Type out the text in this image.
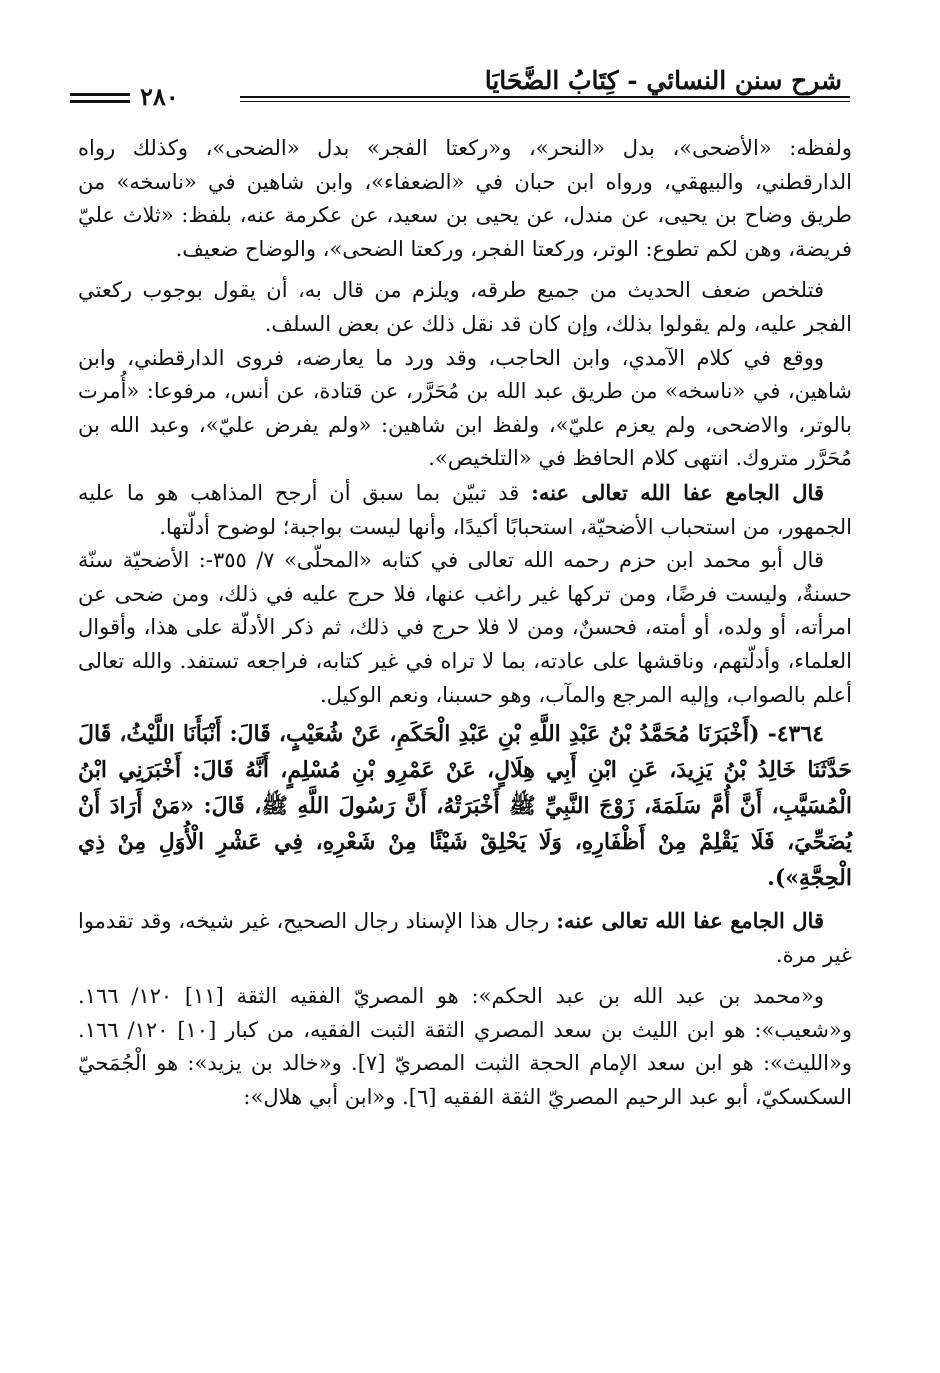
شرح سنن النسائي - كِتَابُ الضَّحَايَا
٢٨٠

ولفظه: «الأضحى»، بدل «النحر»، و«ركعتا الفجر» بدل «الضحى»، وكذلك رواه الدارقطني، والبيهقي، ورواه ابن حبان في «الضعفاء»، وابن شاهين في «ناسخه» من طريق وضاح بن يحيى، عن مندل، عن يحيى بن سعيد، عن عكرمة عنه، بلفظ: «ثلاث عليّ فريضة، وهن لكم تطوع: الوتر، وركعتا الفجر، وركعتا الضحى»، والوضاح ضعيف.

فتلخص ضعف الحديث من جميع طرقه، ويلزم من قال به، أن يقول بوجوب ركعتي الفجر عليه، ولم يقولوا بذلك، وإن كان قد نقل ذلك عن بعض السلف.

ووقع في كلام الآمدي، وابن الحاجب، وقد ورد ما يعارضه، فروى الدارقطني، وابن شاهين، في «ناسخه» من طريق عبد الله بن مُحَرَّر، عن قتادة، عن أنس، مرفوعا: «أُمرت بالوتر، والاضحى، ولم يعزم عليّ»، ولفظ ابن شاهين: «ولم يفرض عليّ»، وعبد الله بن مُحَرَّر متروك. انتهى كلام الحافظ في «التلخيص».

قال الجامع عفا الله تعالى عنه: قد تبيّن بما سبق أن أرجح المذاهب هو ما عليه الجمهور، من استحباب الأضحيّة، استحبابًا أكيدًا، وأنها ليست بواجبة؛ لوضوح أدلّتها.

قال أبو محمد ابن حزم رحمه الله تعالى في كتابه «المحلّى» ٧/ ٣٥٥-: الأضحيّة سنّة حسنةٌ، وليست فرضًا، ومن تركها غير راغب عنها، فلا حرج عليه في ذلك، ومن ضحى عن امرأته، أو ولده، أو أمته، فحسنٌ، ومن لا فلا حرج في ذلك، ثم ذكر الأدلّة على هذا، وأقوال العلماء، وأدلّتهم، وناقشها على عادته، بما لا تراه في غير كتابه، فراجعه تستفد. والله تعالى أعلم بالصواب، وإليه المرجع والمآب، وهو حسبنا، ونعم الوكيل.

٤٣٦٤- (أَخْبَرَنَا مُحَمَّدُ بْنُ عَبْدِ اللَّهِ بْنِ عَبْدِ الْحَكَمِ، عَنْ شُعَيْبٍ، قَالَ: أَنْبَأَنَا اللَّيْثُ، قَالَ حَدَّثَنَا خَالِدُ بْنُ يَزِيدَ، عَنِ ابْنِ أَبِي هِلَالٍ، عَنْ عَمْرِو بْنِ مُسْلِمٍ، أَنَّهُ قَالَ: أَخْبَرَنِي ابْنُ الْمُسَيَّبِ، أَنَّ أُمَّ سَلَمَةَ، زَوْجَ النَّبِيِّ ﷺ أَخْبَرَتْهُ، أَنَّ رَسُولَ اللَّهِ ﷺ، قَالَ: «مَنْ أَرَادَ أَنْ يُضَحِّيَ، فَلَا يَقْلِمْ مِنْ أَظْفَارِهِ، وَلَا يَحْلِقْ شَيْئًا مِنْ شَعْرِهِ، فِي عَشْرِ الْأُوَلِ مِنْ ذِي الْحِجَّةِ»).

قال الجامع عفا الله تعالى عنه: رجال هذا الإسناد رجال الصحيح، غير شيخه، وقد تقدموا غير مرة.

و«محمد بن عبد الله بن عبد الحكم»: هو المصريّ الفقيه الثقة [١١] ١٢٠/ ١٦٦. و«شعيب»: هو ابن الليث بن سعد المصري الثقة الثبت الفقيه، من كبار [١٠] ١٢٠/ ١٦٦. و«الليث»: هو ابن سعد الإمام الحجة الثبت المصريّ [٧]. و«خالد بن يزيد»: هو الْجُمَحيّ السكسكيّ، أبو عبد الرحيم المصريّ الثقة الفقيه [٦]. و«ابن أبي هلال»:
